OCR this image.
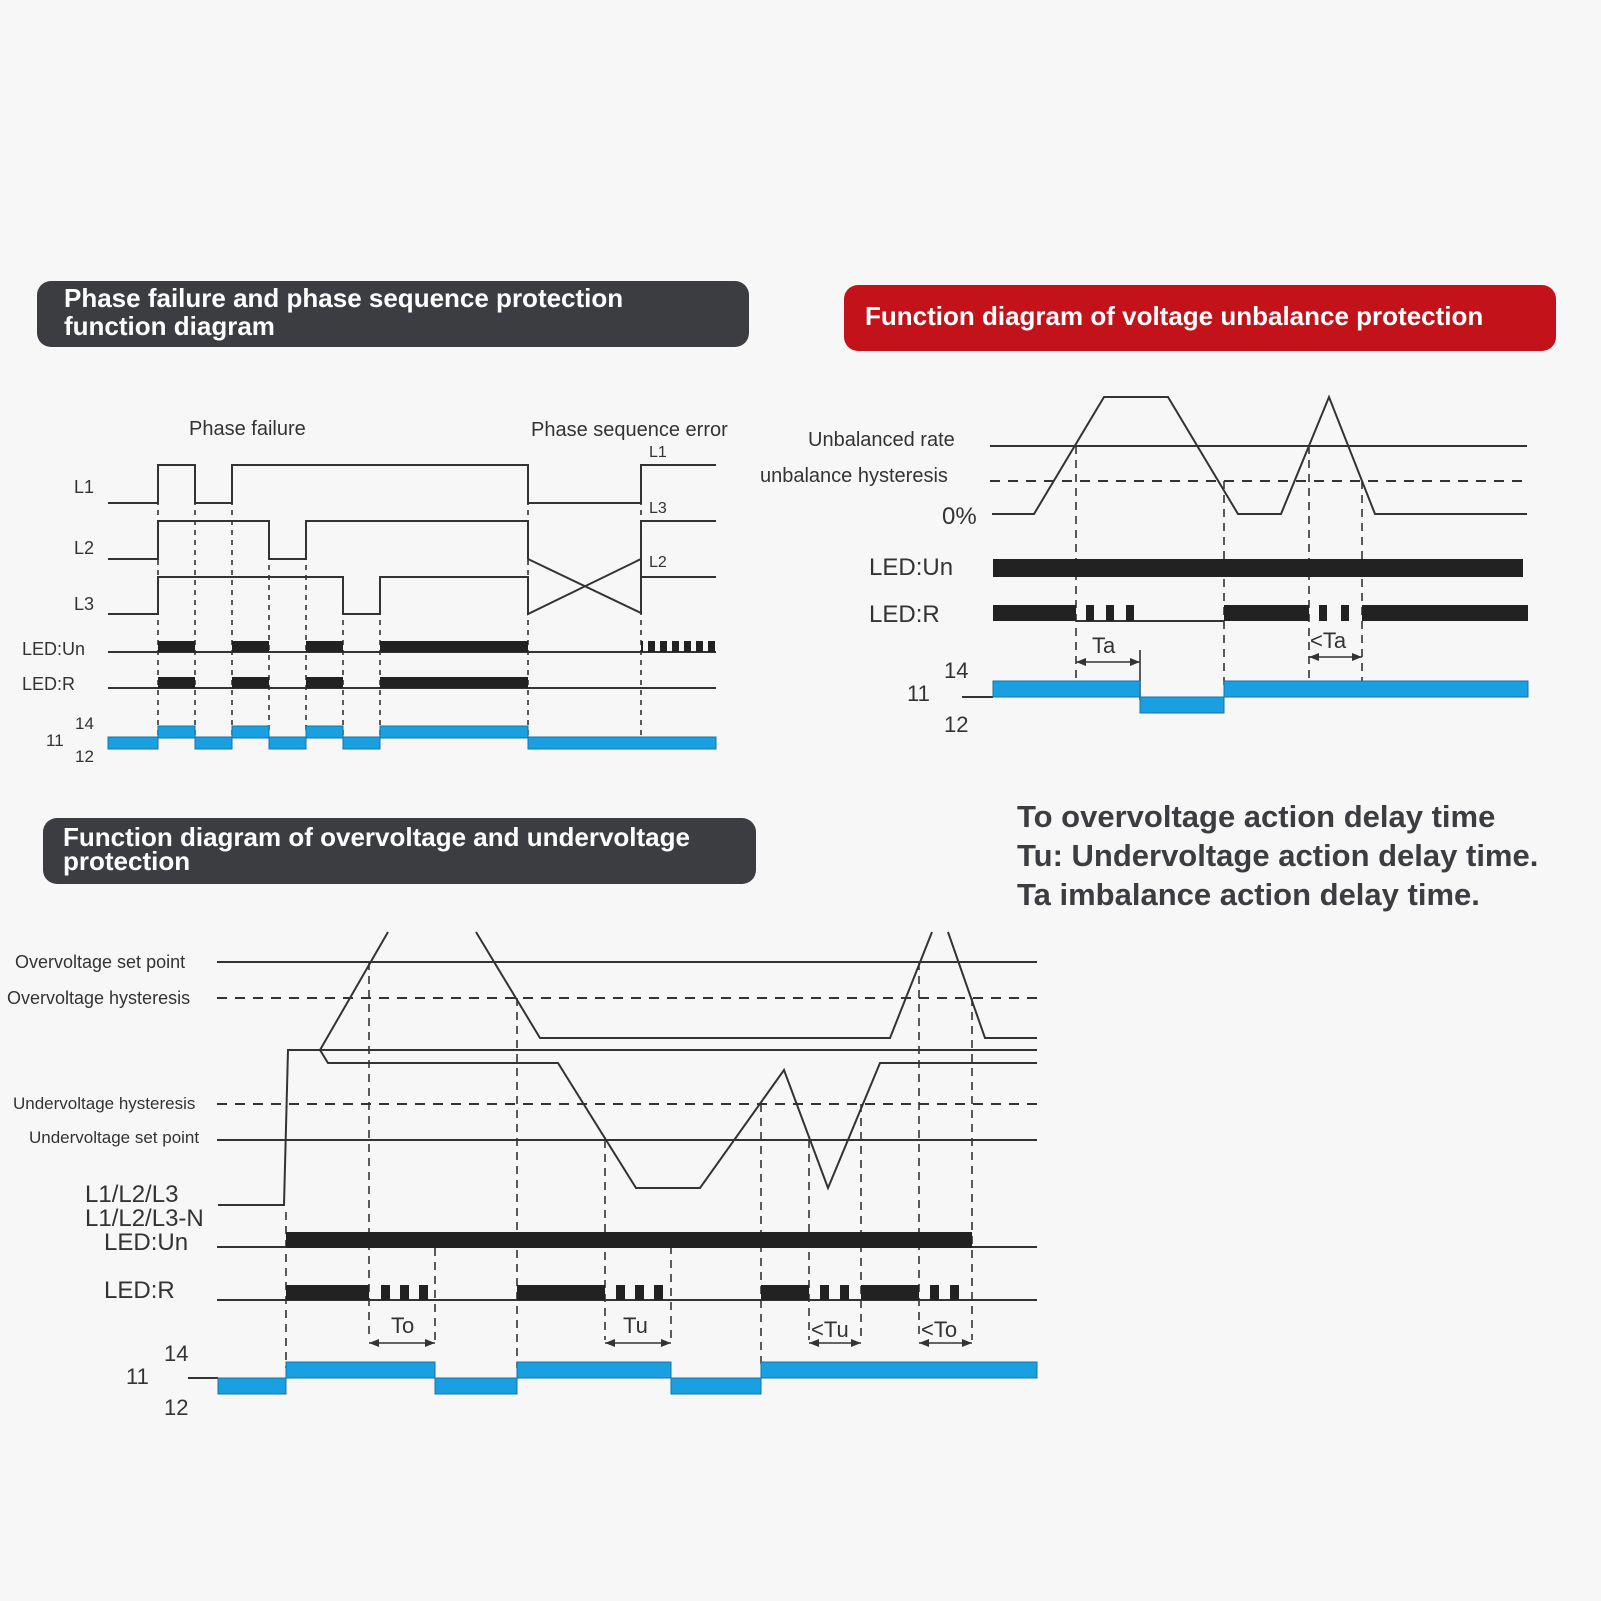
Phase failure and phase sequence protection
function diagram	Function diagram of voltage unbalance protection
Function diagram of overvoltage and undervoltage
protection
Phase failure	Phase sequence error
L1
L2
L3
LED:Un
LED:R
14
11
12
L1
L3
L2
Unbalanced rate
unbalance hysteresis
0%
LED:Un
LED:R
Ta	<Ta
14
11
12
Overvoltage set point
Overvoltage hysteresis
Undervoltage hysteresis
Undervoltage set point
L1/L2/L3
L1/L2/L3-N
LED:Un
LED:R
To	Tu	<Tu	<To
14
11
12
To overvoltage action delay time
Tu: Undervoltage action delay time.
Ta imbalance action delay time.
